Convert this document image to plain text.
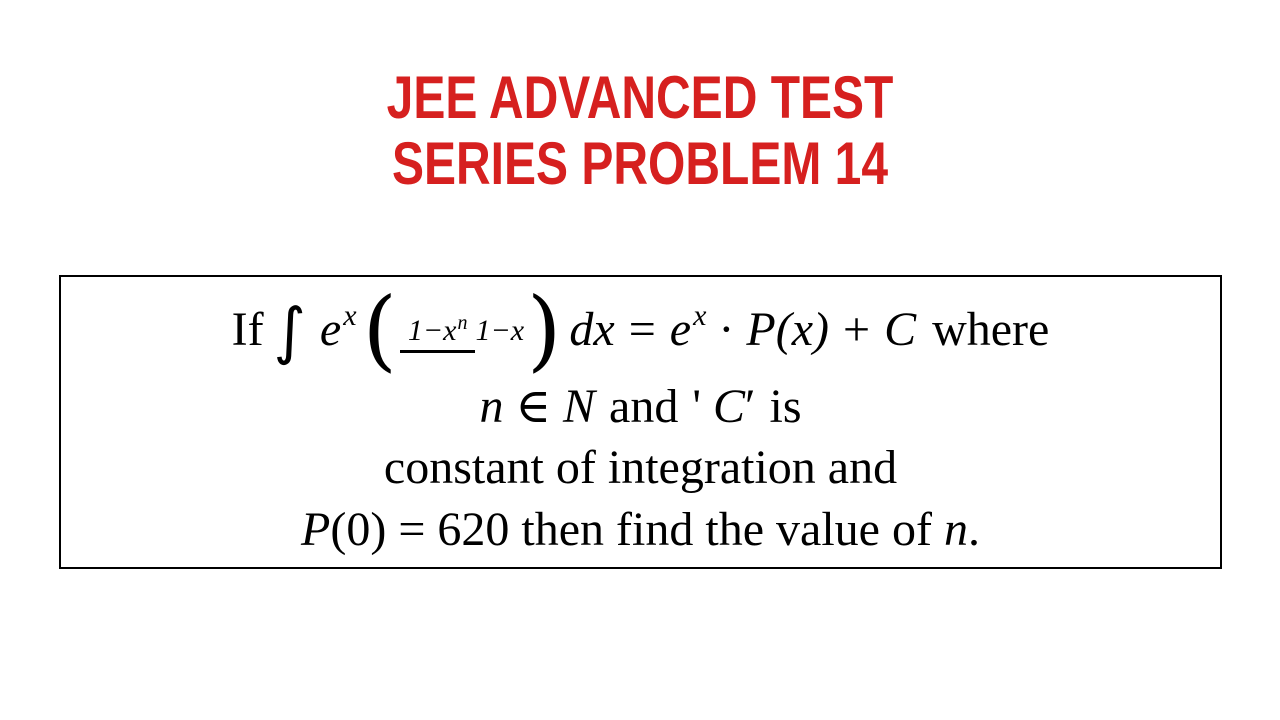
JEE ADVANCED TEST
SERIES PROBLEM 14
If ∫ $e^x$( $1-x^n$ 1−x) dx = $e^x \cdot P(x) + C$ where
n ∈ N and ' C′ is
constant of integration and
P(0) = 620 then find the value of n.
